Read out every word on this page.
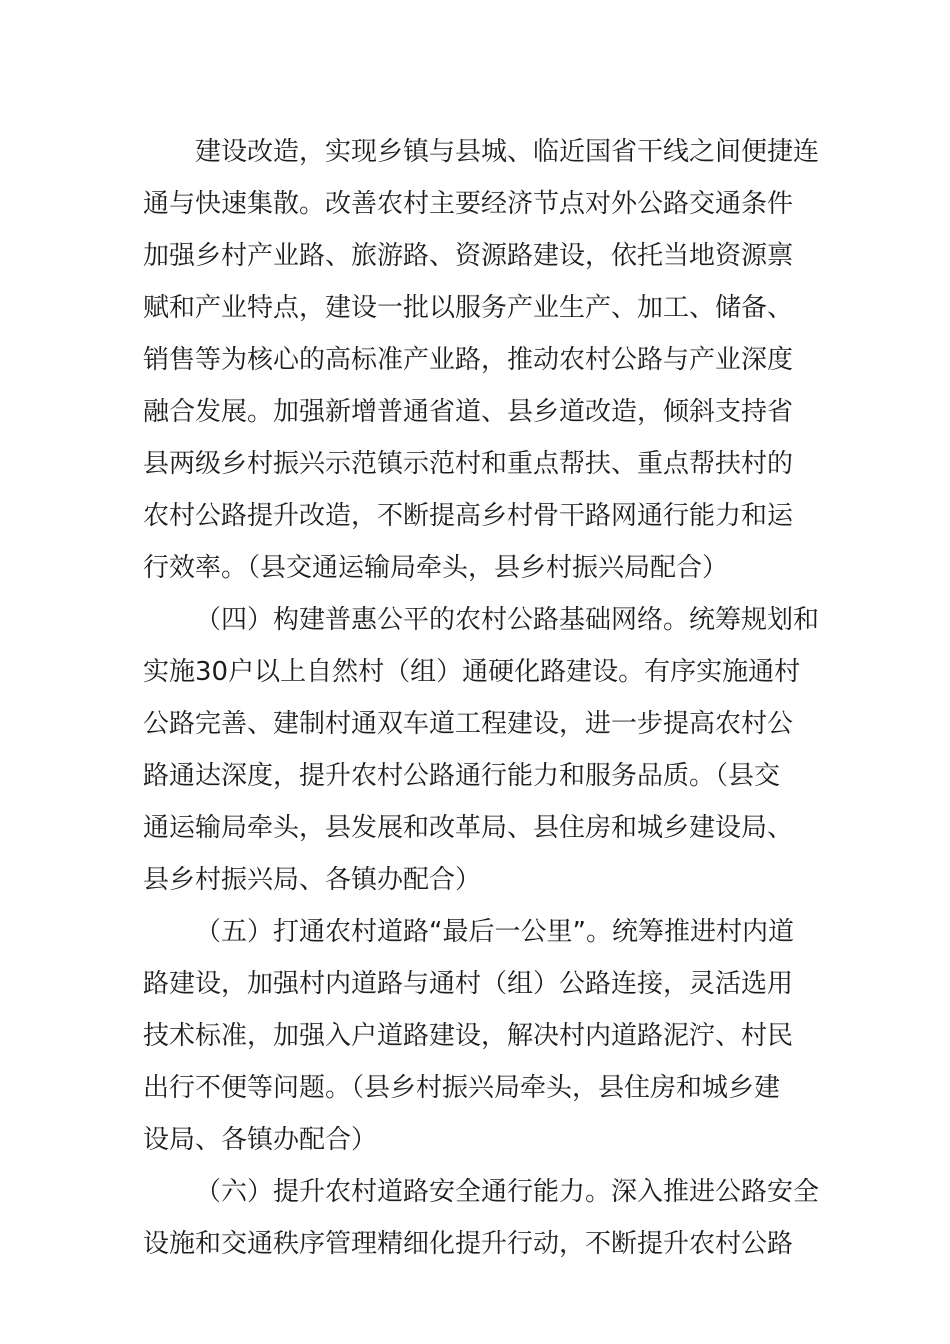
建设改造，实现乡镇与县城、临近国省干线之间便捷连
通与快速集散。改善农村主要经济节点对外公路交通条件
加强乡村产业路、旅游路、资源路建设，依托当地资源禀
赋和产业特点，建设一批以服务产业生产、加工、储备、
销售等为核心的高标准产业路，推动农村公路与产业深度
融合发展。加强新增普通省道、县乡道改造，倾斜支持省
县两级乡村振兴示范镇示范村和重点帮扶、重点帮扶村的
农村公路提升改造，不断提高乡村骨干路网通行能力和运
行效率。（县交通运输局牵头，县乡村振兴局配合）
（四）构建普惠公平的农村公路基础网络。统筹规划和
实施30户以上自然村（组）通硬化路建设。有序实施通村
公路完善、建制村通双车道工程建设，进一步提高农村公
路通达深度，提升农村公路通行能力和服务品质。（县交
通运输局牵头，县发展和改革局、县住房和城乡建设局、
县乡村振兴局、各镇办配合）
（五）打通农村道路“最后一公里”。统筹推进村内道
路建设，加强村内道路与通村（组）公路连接，灵活选用
技术标准，加强入户道路建设，解决村内道路泥泞、村民
出行不便等问题。（县乡村振兴局牵头，县住房和城乡建
设局、各镇办配合）
（六）提升农村道路安全通行能力。深入推进公路安全
设施和交通秩序管理精细化提升行动，不断提升农村公路
